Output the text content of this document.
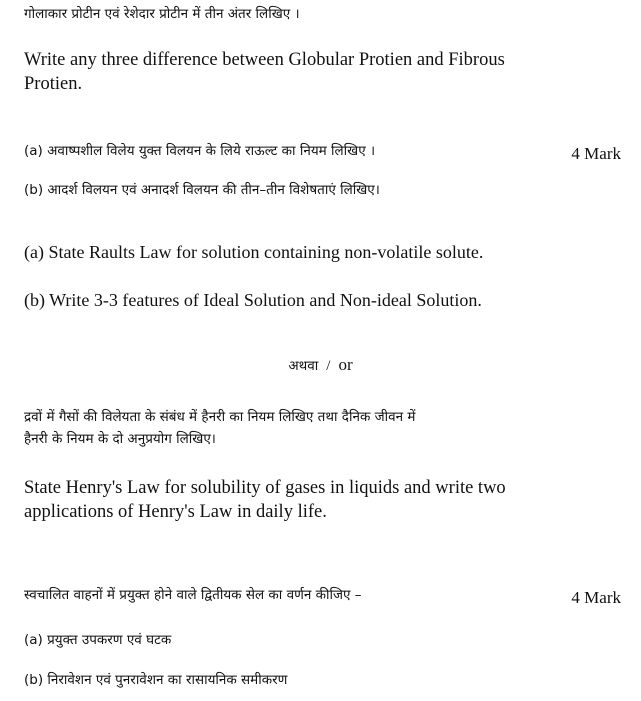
गोलाकार प्रोटीन एवं रेशेदार प्रोटीन में तीन अंतर लिखिए ।
Write any three difference between Globular Protien and Fibrous
Protien.
(a) अवाष्पशील विलेय युक्त विलयन के लिये राऊल्ट का नियम लिखिए ।	4 Mark
(b) आदर्श विलयन एवं अनादर्श विलयन की तीन–तीन विशेषताएं लिखिए।
(a) State Raults Law for solution containing non-volatile solute.
(b) Write 3-3 features of Ideal Solution and Non-ideal Solution.
अथवा / or
द्रवों में गैसों की विलेयता के संबंध में हैनरी का नियम लिखिए तथा दैनिक जीवन में
हैनरी के नियम के दो अनुप्रयोग लिखिए।
State Henry's Law for solubility of gases in liquids and write two
applications of Henry's Law in daily life.
स्वचालित वाहनों में प्रयुक्त होने वाले द्वितीयक सेल का वर्णन कीजिए –	4 Mark
(a) प्रयुक्त उपकरण एवं घटक
(b) निरावेशन एवं पुनरावेशन का रासायनिक समीकरण
